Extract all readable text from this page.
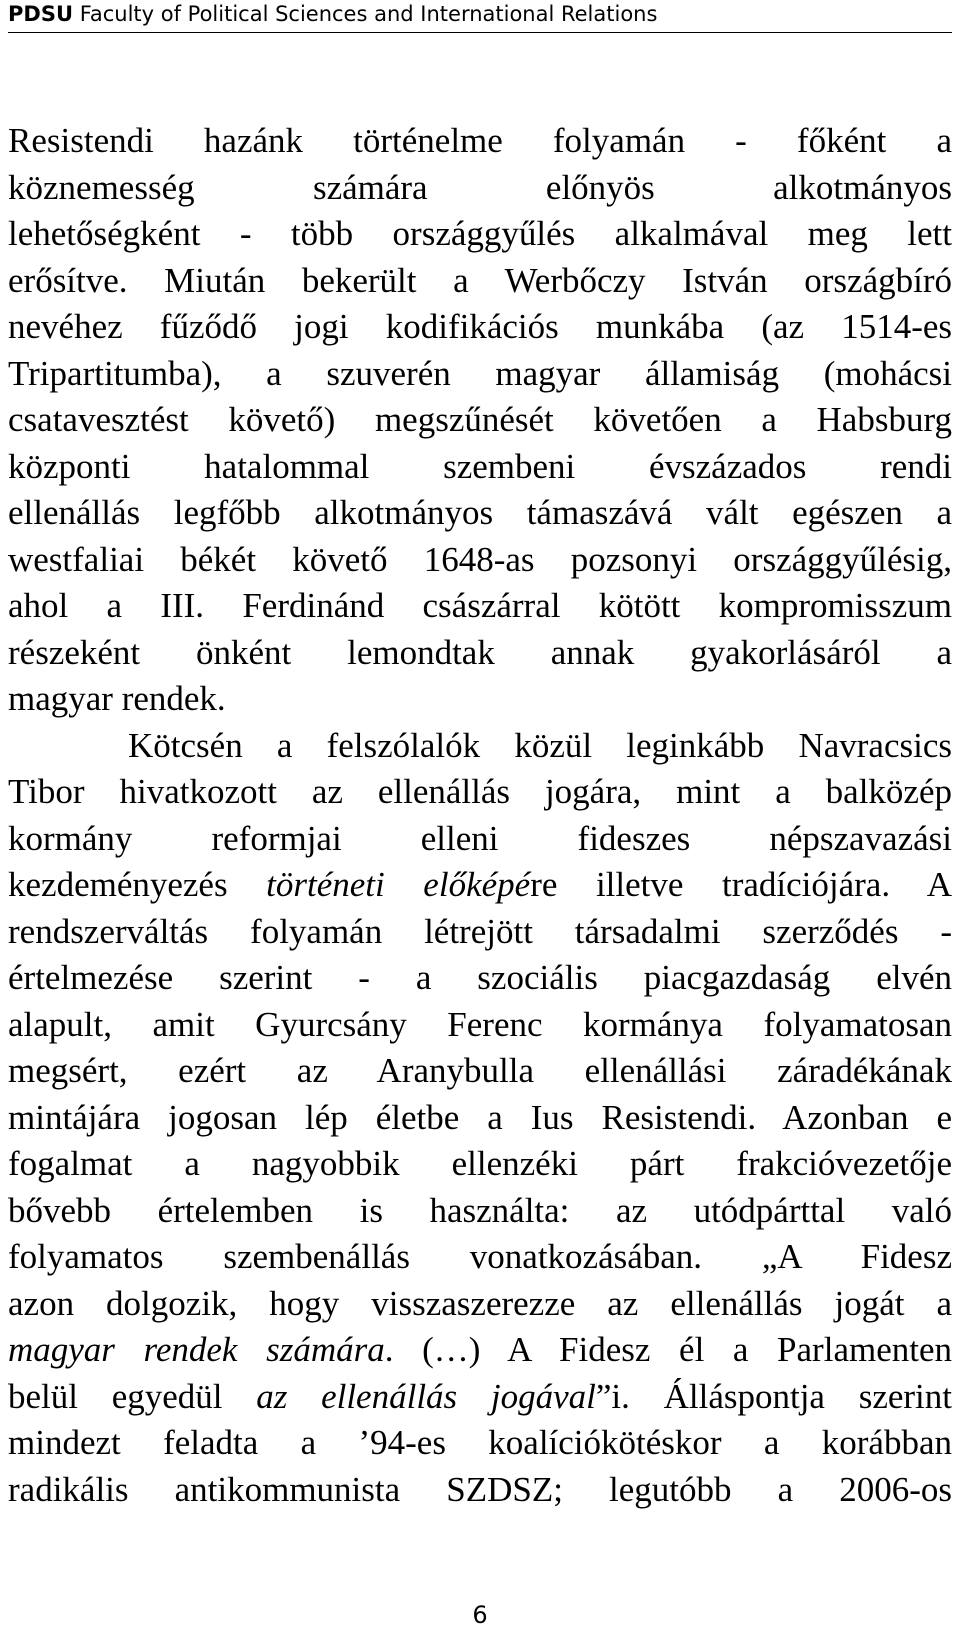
PDSU Faculty of Political Sciences and International Relations
Resistendi hazánk történelme folyamán - főként a
köznemesség számára előnyös alkotmányos
lehetőségként - több országgyűlés alkalmával meg lett
erősítve. Miután bekerült a Werbőczy István országbíró
nevéhez fűződő jogi kodifikációs munkába (az 1514-es
Tripartitumba), a szuverén magyar államiság (mohácsi
csatavesztést követő) megszűnését követően a Habsburg
központi hatalommal szembeni évszázados rendi
ellenállás legfőbb alkotmányos támaszává vált egészen a
westfaliai békét követő 1648-as pozsonyi országgyűlésig,
ahol a III. Ferdinánd császárral kötött kompromisszum
részeként önként lemondtak annak gyakorlásáról a
magyar rendek.
Kötcsén a felszólalók közül leginkább Navracsics
Tibor hivatkozott az ellenállás jogára, mint a balközép
kormány reformjai elleni fideszes népszavazási
kezdeményezés történeti előképére illetve tradíciójára. A
rendszerváltás folyamán létrejött társadalmi szerződés -
értelmezése szerint - a szociális piacgazdaság elvén
alapult, amit Gyurcsány Ferenc kormánya folyamatosan
megsért, ezért az Aranybulla ellenállási záradékának
mintájára jogosan lép életbe a Ius Resistendi. Azonban e
fogalmat a nagyobbik ellenzéki párt frakcióvezetője
bővebb értelemben is használta: az utódpárttal való
folyamatos szembenállás vonatkozásában. „A Fidesz
azon dolgozik, hogy visszaszerezze az ellenállás jogát a
magyar rendek számára. (…) A Fidesz él a Parlamenten
belül egyedül az ellenállás jogával”i. Álláspontja szerint
mindezt feladta a ’94-es koalíciókötéskor a korábban
radikális antikommunista SZDSZ; legutóbb a 2006-os
6
